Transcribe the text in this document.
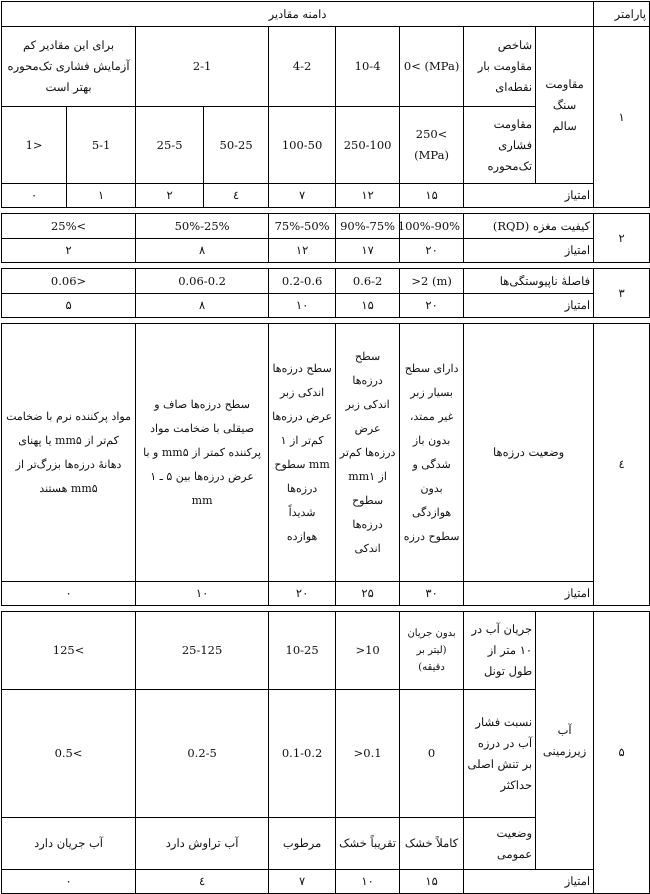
پارامتر	دامنه مقادیر								
۱	مقاومت سنگ سالم	شاخص مقاومت بار نقطه‌ای	0< (MPa)	10-4	4-2	2-1		برای این مقادیر کم آزمایش فشاری تک‌محوره بهتر است	
		مقاومت فشاری تک‌محوره	250< (MPa)	250-100	100-50	50-25	25-5	5-1	<1
	امتیاز		۱۵	۱۲	۷	٤	۲	۱	۰

۲	کیفیت مغزه (RQD)		90%-100%	75%-90%	50%-75%	25%-50%		>25%	
	امتیاز		۲۰	۱۷	۱۲	۸		۲	

۳	فاصلهٔ ناپیوستگی‌ها		(m) 2<	0.6-2	0.2-0.6	0.06-0.2		<0.06	
	امتیاز		۲۰	۱۵	۱۰	۸		۵	

٤	وضعیت درزه‌ها		دارای سطح بسیار زبر غیر ممتد، بدون باز شدگی و بدون هوازدگی سطوح درزه	سطح درزه‌ها اندکی زبر عرض درزه‌ها کم‌تر از mm۱ سطوح درزه‌ها اندکی	سطح درزه‌ها اندکی زبر عرض درزه‌ها کم‌تر از ۱ mm سطوح درزه‌ها شدیداً هوازده	سطح درزه‌ها صاف و صیقلی با ضخامت مواد پرکننده کمتر از mm۵ و با عرض درزه‌ها بین ۵ ـ ۱ mm		مواد پرکننده نرم با ضخامت کم‌تر از mm۵ یا پهنای دهانهٔ درزه‌ها بزرگ‌تر از mm۵ هستند	
	امتیاز		۳۰	۲۵	۲۰	۱۰		۰	

۵	آب زیرزمینی	جریان آب در ۱۰ متر از طول تونل	بدون جریان (لیتر بر دقیقه)	10<	10-25	25-125		>125	
		نسبت فشار آب در درزه بر تنش اصلی حداکثر	0	0.1<	0.1-0.2	0.2-5		>0.5	
		وضعیت عمومی	کاملاً خشک	تقریباً خشک	مرطوب	آب تراوش دارد		آب جریان دارد	
	امتیاز		۱۵	۱۰	۷	٤		۰	
